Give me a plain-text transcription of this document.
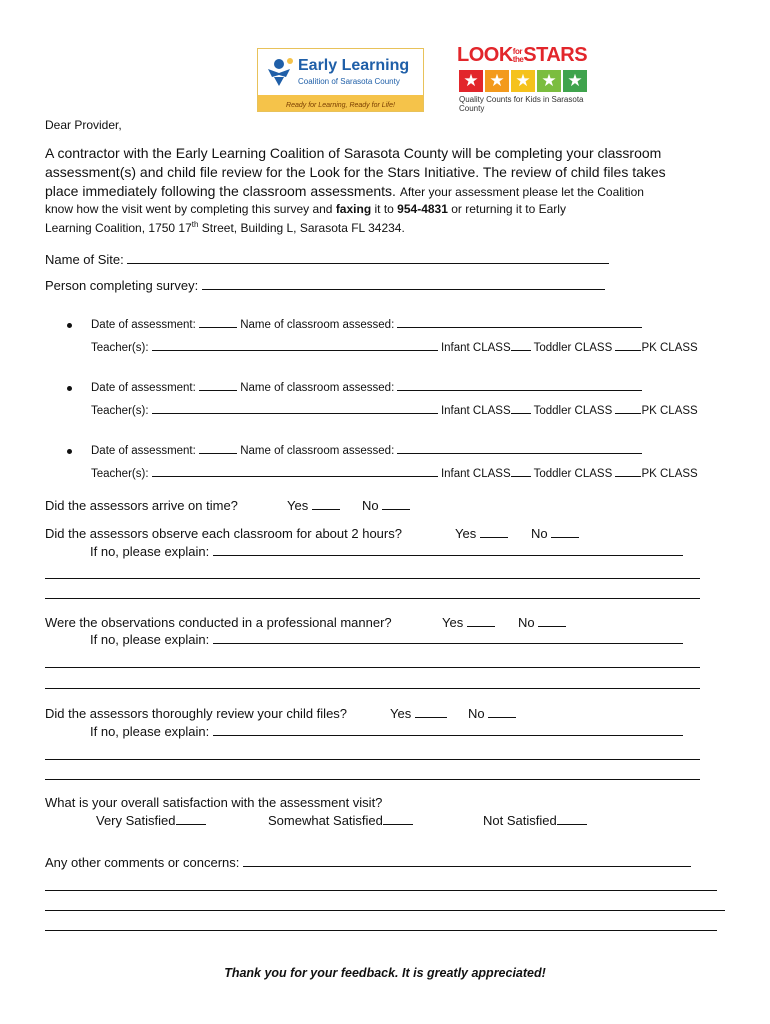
Early Learning
Coalition of Sarasota County
Ready for Learning, Ready for Life!
LOOKfor
theSTARS
★ ★ ★ ★ ★
Quality Counts for Kids in Sarasota County
Dear Provider,
A contractor with the Early Learning Coalition of Sarasota County will be completing your classroom
assessment(s) and child file review for the Look for the Stars Initiative. The review of child files takes
place immediately following the classroom assessments. After your assessment please let the Coalition
know how the visit went by completing this survey and faxing it to 954-4831 or returning it to Early
Learning Coalition, 1750 17th Street, Building L, Sarasota FL 34234.
Name of Site:
Person completing survey:
Date of assessment:	Name of classroom assessed:
Teacher(s):	Infant CLASS Toddler CLASS	PK CLASS
Date of assessment:	Name of classroom assessed:
Teacher(s):	Infant CLASS Toddler CLASS	PK CLASS
Date of assessment:	Name of classroom assessed:
Teacher(s):	Infant CLASS Toddler CLASS	PK CLASS
Did the assessors arrive on time?	Yes	No
Did the assessors observe each classroom for about 2 hours?	Yes	No
If no, please explain:
Were the observations conducted in a professional manner?	Yes	No
If no, please explain:
Did the assessors thoroughly review your child files?	Yes	No
If no, please explain:
What is your overall satisfaction with the assessment visit?
Very Satisfied	Somewhat Satisfied	Not Satisfied
Any other comments or concerns:
Thank you for your feedback. It is greatly appreciated!
